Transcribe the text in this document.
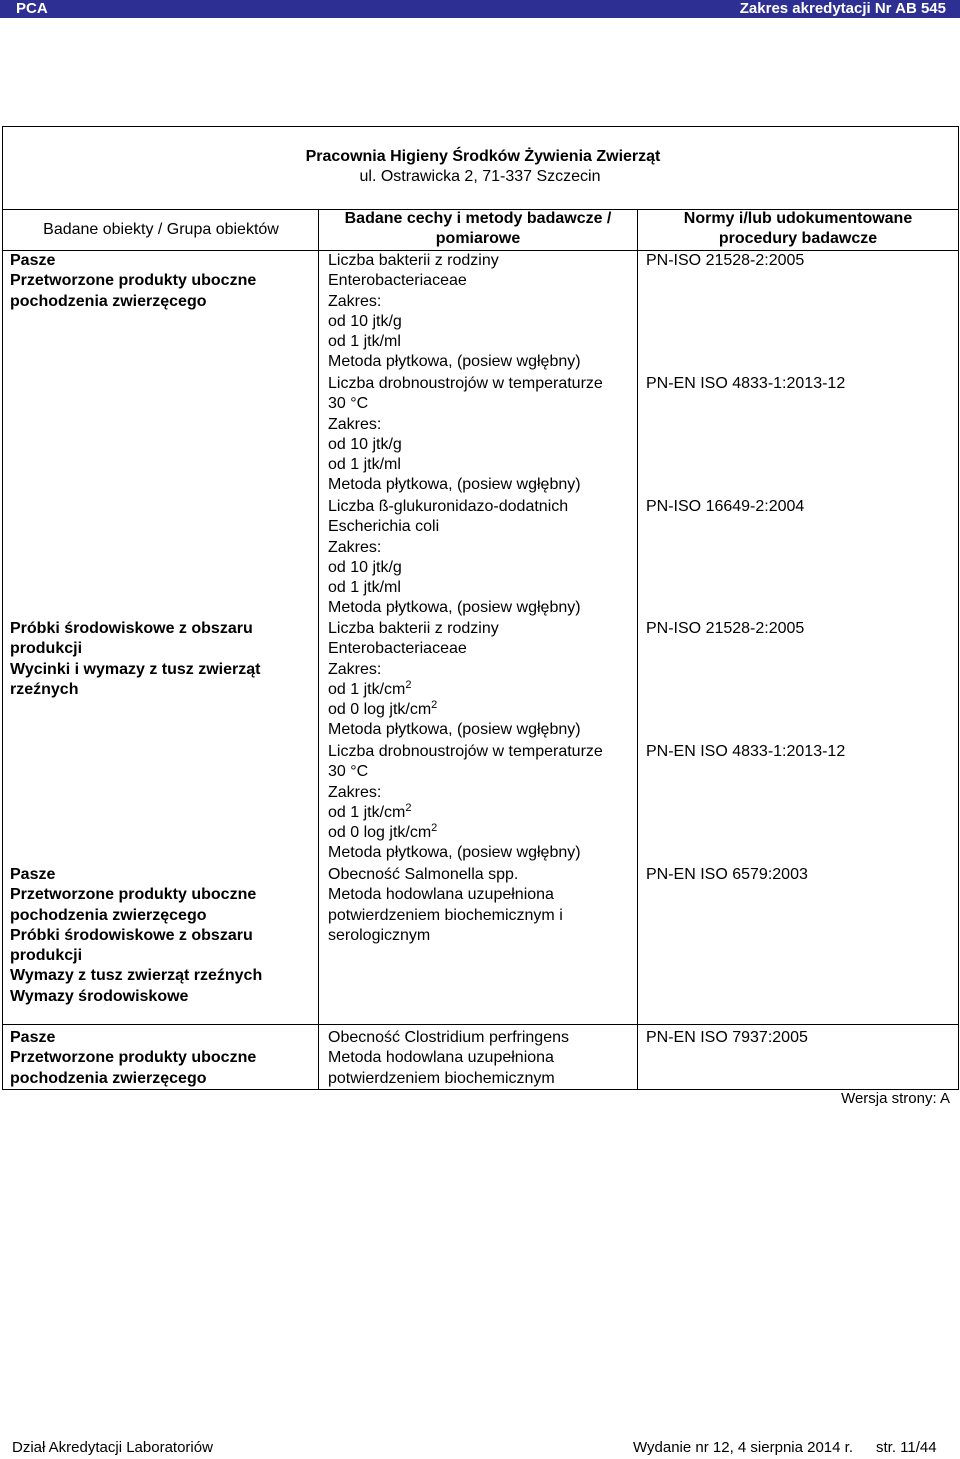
PCA	Zakres akredytacji Nr AB 545
Pracownia Higieny Środków Żywienia Zwierząt
ul. Ostrawicka 2, 71-337 Szczecin
Badane obiekty / Grupa obiektów
Badane cechy i metody badawcze /
pomiarowe
Normy i/lub udokumentowane
procedury badawcze
Pasze
Przetworzone produkty uboczne
pochodzenia zwierzęcego
Próbki środowiskowe z obszaru
produkcji
Wycinki i wymazy z tusz zwierząt
rzeźnych
Pasze
Przetworzone produkty uboczne
pochodzenia zwierzęcego
Próbki środowiskowe z obszaru
produkcji
Wymazy z tusz zwierząt rzeźnych
Wymazy środowiskowe
Pasze
Przetworzone produkty uboczne
pochodzenia zwierzęcego
Liczba bakterii z rodziny
Enterobacteriaceae
Zakres:
od 10 jtk/g
od 1 jtk/ml
Metoda płytkowa, (posiew wgłębny)
Liczba drobnoustrojów w temperaturze
30 °C
Zakres:
od 10 jtk/g
od 1 jtk/ml
Metoda płytkowa, (posiew wgłębny)
Liczba ß-glukuronidazo-dodatnich
Escherichia coli
Zakres:
od 10 jtk/g
od 1 jtk/ml
Metoda płytkowa, (posiew wgłębny)
Liczba bakterii z rodziny
Enterobacteriaceae
Zakres:
od 1 jtk/$cm^2$
od 0 log jtk/$cm^2$
Metoda płytkowa, (posiew wgłębny)
Liczba drobnoustrojów w temperaturze
30 °C
Zakres:
od 1 jtk/$cm^2$
od 0 log jtk/$cm^2$
Metoda płytkowa, (posiew wgłębny)
Obecność Salmonella spp.
Metoda hodowlana uzupełniona
potwierdzeniem biochemicznym i
serologicznym
Obecność Clostridium perfringens
Metoda hodowlana uzupełniona
potwierdzeniem biochemicznym
PN-ISO 21528-2:2005
PN-EN ISO 4833-1:2013-12
PN-ISO 16649-2:2004
PN-ISO 21528-2:2005
PN-EN ISO 4833-1:2013-12
PN-EN ISO 6579:2003
PN-EN ISO 7937:2005
Wersja strony: A
Dział Akredytacji Laboratoriów	Wydanie nr 12, 4 sierpnia 2014 r. str. 11/44
